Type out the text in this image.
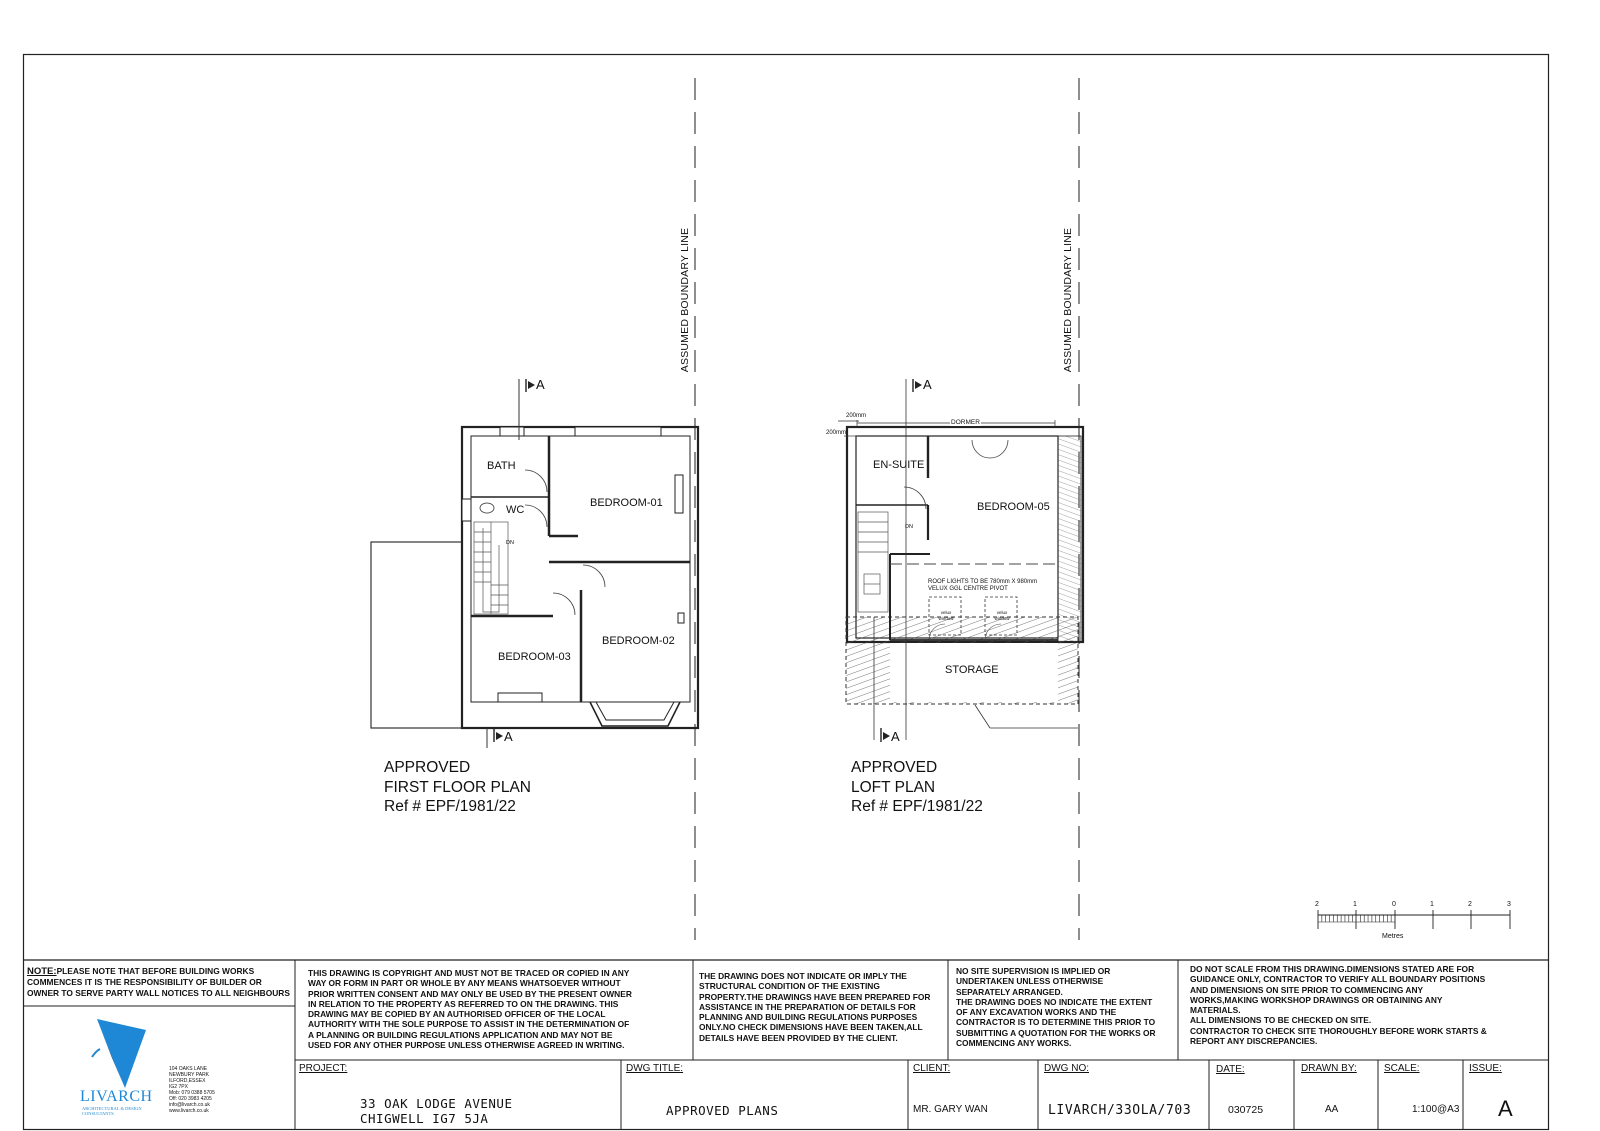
ASSUMED BOUNDARY LINE	ASSUMED BOUNDARY LINE
A
A
A
A
BATH
WC
BEDROOM-01
BEDROOM-02
BEDROOM-03
DN
EN-SUITE
BEDROOM-05
STORAGE
DN
DORMER
200mm
200mm
ROOF LIGHTS TO BE 780mm X 980mm
VELUX GGL CENTRE PIVOT
velux window
velux window
APPROVED
FIRST FLOOR PLAN
Ref # EPF/1981/22
APPROVED
LOFT PLAN
Ref # EPF/1981/22
2	1	0	1	2	3
Metres
NOTE:PLEASE NOTE THAT BEFORE BUILDING WORKS COMMENCES IT IS THE RESPONSIBILITY OF BUILDER OR OWNER TO SERVE PARTY WALL NOTICES TO ALL NEIGHBOURS
THIS DRAWING IS COPYRIGHT AND MUST NOT BE TRACED OR COPIED IN ANY
WAY OR FORM IN PART OR WHOLE BY ANY MEANS WHATSOEVER WITHOUT
PRIOR WRITTEN CONSENT AND MAY ONLY BE USED BY THE PRESENT OWNER
IN RELATION TO THE PROPERTY AS REFERRED TO ON THE DRAWING. THIS
DRAWING MAY BE COPIED BY AN AUTHORISED OFFICER OF THE LOCAL
AUTHORITY WITH THE SOLE PURPOSE TO ASSIST IN THE DETERMINATION OF
A PLANNING OR BUILDING REGULATIONS APPLICATION AND MAY NOT BE
USED FOR ANY OTHER PURPOSE UNLESS OTHERWISE AGREED IN WRITING.
THE DRAWING DOES NOT INDICATE OR IMPLY THE
STRUCTURAL CONDITION OF THE EXISTING
PROPERTY.THE DRAWINGS HAVE BEEN PREPARED FOR
ASSISTANCE IN THE PREPARATION OF DETAILS FOR
PLANNING AND BUILDING REGULATIONS PURPOSES
ONLY.NO CHECK DIMENSIONS HAVE BEEN TAKEN,ALL
DETAILS HAVE BEEN PROVIDED BY THE CLIENT.
NO SITE SUPERVISION IS IMPLIED OR
UNDERTAKEN UNLESS OTHERWISE
SEPARATELY ARRANGED.
THE DRAWING DOES NO INDICATE THE EXTENT
OF ANY EXCAVATION WORKS AND THE
CONTRACTOR IS TO DETERMINE THIS PRIOR TO
SUBMITTING A QUOTATION FOR THE WORKS OR
COMMENCING ANY WORKS.
DO NOT SCALE FROM THIS DRAWING.DIMENSIONS STATED ARE FOR
GUIDANCE ONLY, CONTRACTOR TO VERIFY ALL BOUNDARY POSITIONS
AND DIMENSIONS ON SITE PRIOR TO COMMENCING ANY
WORKS,MAKING WORKSHOP DRAWINGS OR OBTAINING ANY
MATERIALS.
ALL DIMENSIONS TO BE CHECKED ON SITE.
CONTRACTOR TO CHECK SITE THOROUGHLY BEFORE WORK STARTS &
REPORT ANY DISCREPANCIES.
LIVARCH
ARCHITECTURAL & DESIGN CONSULTANTS
104 OAKS LANE
NEWBURY PARK
ILFORD,ESSEX
IG2 7PX
Mob: 079 0388 5705
Off: 020 3983 4205
info@livarch.co.uk
www.livarch.co.uk
PROJECT:
33 OAK LODGE AVENUE
CHIGWELL IG7 5JA
DWG TITLE:
APPROVED PLANS
CLIENT:
MR. GARY WAN
DWG NO:
LIVARCH/33OLA/703
DATE:
030725
DRAWN BY:
AA
SCALE:
1:100@A3
ISSUE:
A
